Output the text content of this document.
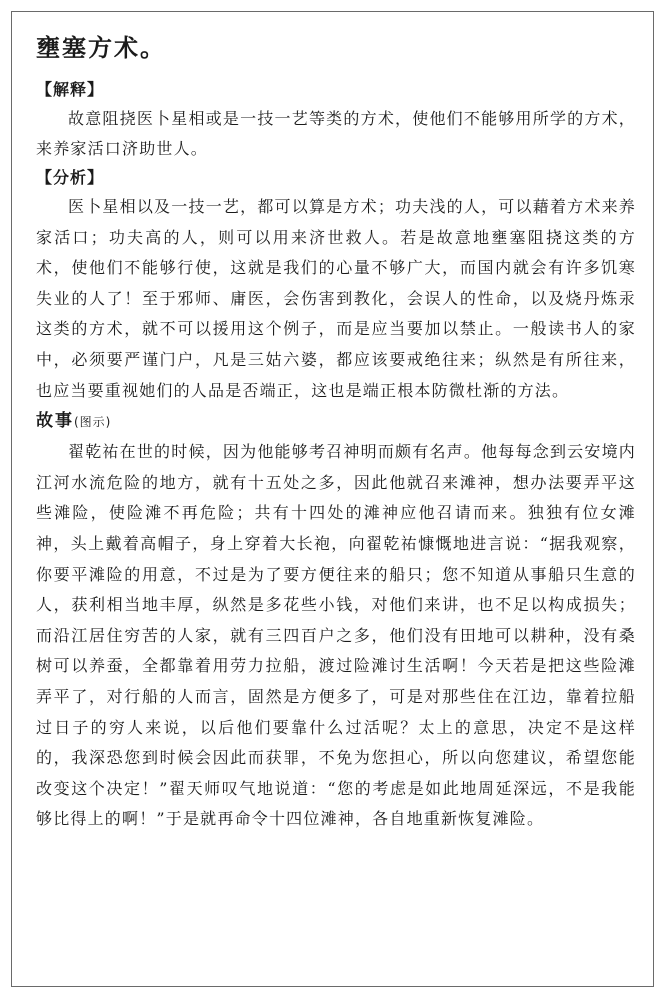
壅塞方术。
【解释】

故意阻挠医卜星相或是一技一艺等类的方术，使他们不能够用所学的方术，来养家活口济助世人。

【分析】

医卜星相以及一技一艺，都可以算是方术；功夫浅的人，可以藉着方术来养家活口；功夫高的人，则可以用来济世救人。若是故意地壅塞阻挠这类的方术，使他们不能够行使，这就是我们的心量不够广大，而国内就会有许多饥寒失业的人了！至于邪师、庸医，会伤害到教化，会误人的性命，以及烧丹炼汞这类的方术，就不可以援用这个例子，而是应当要加以禁止。一般读书人的家中，必须要严谨门户，凡是三姑六婆，都应该要戒绝往来；纵然是有所往来，也应当要重视她们的人品是否端正，这也是端正根本防微杜渐的方法。

故事(图示)

翟乾祐在世的时候，因为他能够考召神明而颇有名声。他每每念到云安境内江河水流危险的地方，就有十五处之多，因此他就召来滩神，想办法要弄平这些滩险，使险滩不再危险；共有十四处的滩神应他召请而来。独独有位女滩神，头上戴着高帽子，身上穿着大长袍，向翟乾祐慷慨地进言说：“据我观察，你要平滩险的用意，不过是为了要方便往来的船只；您不知道从事船只生意的人，获利相当地丰厚，纵然是多花些小钱，对他们来讲，也不足以构成损失；而沿江居住穷苦的人家，就有三四百户之多，他们没有田地可以耕种，没有桑树可以养蚕，全都靠着用劳力拉船，渡过险滩讨生活啊！今天若是把这些险滩弄平了，对行船的人而言，固然是方便多了，可是对那些住在江边，靠着拉船过日子的穷人来说，以后他们要靠什么过活呢？太上的意思，决定不是这样的，我深恐您到时候会因此而获罪，不免为您担心，所以向您建议，希望您能改变这个决定！”翟天师叹气地说道：“您的考虑是如此地周延深远，不是我能够比得上的啊！”于是就再命令十四位滩神，各自地重新恢复滩险。
